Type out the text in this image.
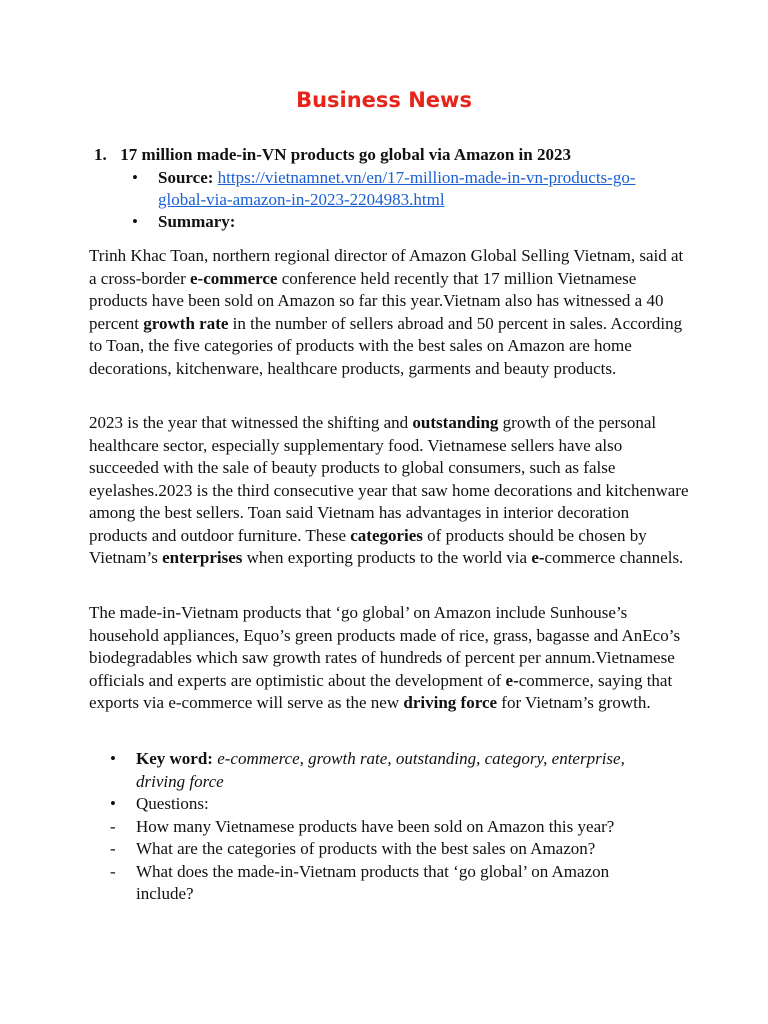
Business News
1. 17 million made-in-VN products go global via Amazon in 2023
• Source: https://vietnamnet.vn/en/17-million-made-in-vn-products-go-
global-via-amazon-in-2023-2204983.html
• Summary:

Trinh Khac Toan, northern regional director of Amazon Global Selling Vietnam, said at a cross-border e-commerce conference held recently that 17 million Vietnamese products have been sold on Amazon so far this year.Vietnam also has witnessed a 40 percent growth rate in the number of sellers abroad and 50 percent in sales. According to Toan, the five categories of products with the best sales on Amazon are home decorations, kitchenware, healthcare products, garments and beauty products.

2023 is the year that witnessed the shifting and outstanding growth of the personal healthcare sector, especially supplementary food. Vietnamese sellers have also succeeded with the sale of beauty products to global consumers, such as false eyelashes.2023 is the third consecutive year that saw home decorations and kitchenware among the best sellers. Toan said Vietnam has advantages in interior decoration products and outdoor furniture. These categories of products should be chosen by Vietnam’s enterprises when exporting products to the world via e-commerce channels.

The made-in-Vietnam products that ‘go global’ on Amazon include Sunhouse’s household appliances, Equo’s green products made of rice, grass, bagasse and AnEco’s biodegradables which saw growth rates of hundreds of percent per annum.Vietnamese officials and experts are optimistic about the development of e-commerce, saying that exports via e-commerce will serve as the new driving force for Vietnam’s growth.

• Key word: e-commerce, growth rate, outstanding, category, enterprise, driving force
• Questions:
- How many Vietnamese products have been sold on Amazon this year?
- What are the categories of products with the best sales on Amazon?
- What does the made-in-Vietnam products that ‘go global’ on Amazon include?
